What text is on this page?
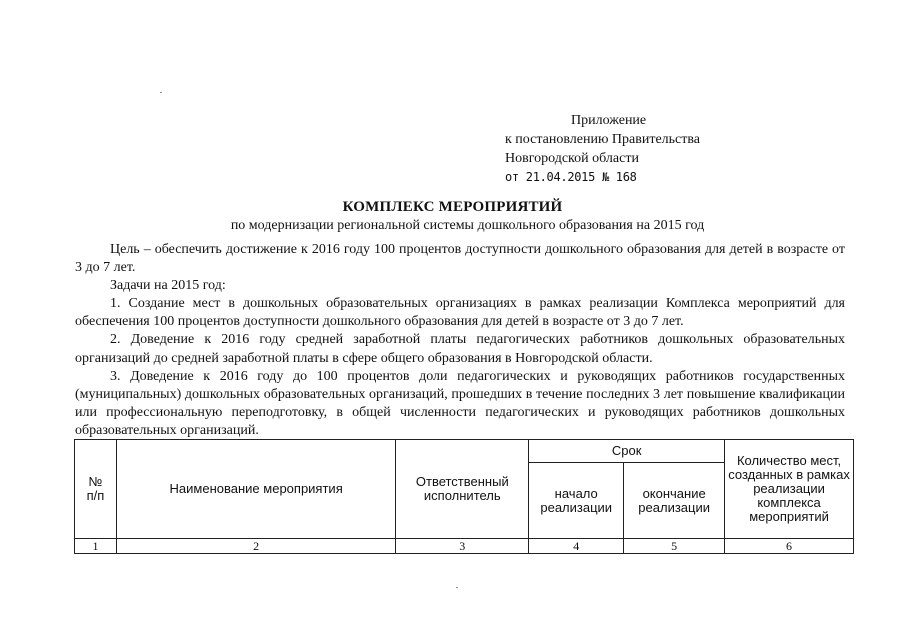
Приложение
к постановлению Правительства
Новгородской области
от 21.04.2015 № 168
КОМПЛЕКС МЕРОПРИЯТИЙ
по модернизации региональной системы дошкольного образования на 2015 год

Цель – обеспечить достижение к 2016 году 100 процентов доступности дошкольного образования для детей в возрасте от 3 до 7 лет.

Задачи на 2015 год:

1. Создание мест в дошкольных образовательных организациях в рамках реализации Комплекса мероприятий для обеспечения 100 процентов доступности дошкольного образования для детей в возрасте от 3 до 7 лет.

2. Доведение к 2016 году средней заработной платы педагогических работников дошкольных образовательных организаций до средней заработной платы в сфере общего образования в Новгородской области.

3. Доведение к 2016 году до 100 процентов доли педагогических и руководящих работников государственных (муниципальных) дошкольных образовательных организаций, прошедших в течение последних 3 лет повышение квалификации или профессиональную переподготовку, в общей численности педагогических и руководящих работников дошкольных образовательных организаций.

№
п/п	Наименование мероприятия	Ответственный исполнитель	Срок		Количество мест, созданных в рамках реализации комплекса мероприятий
			начало реализации	окончание реализации	
1	2	3	4	5	6
